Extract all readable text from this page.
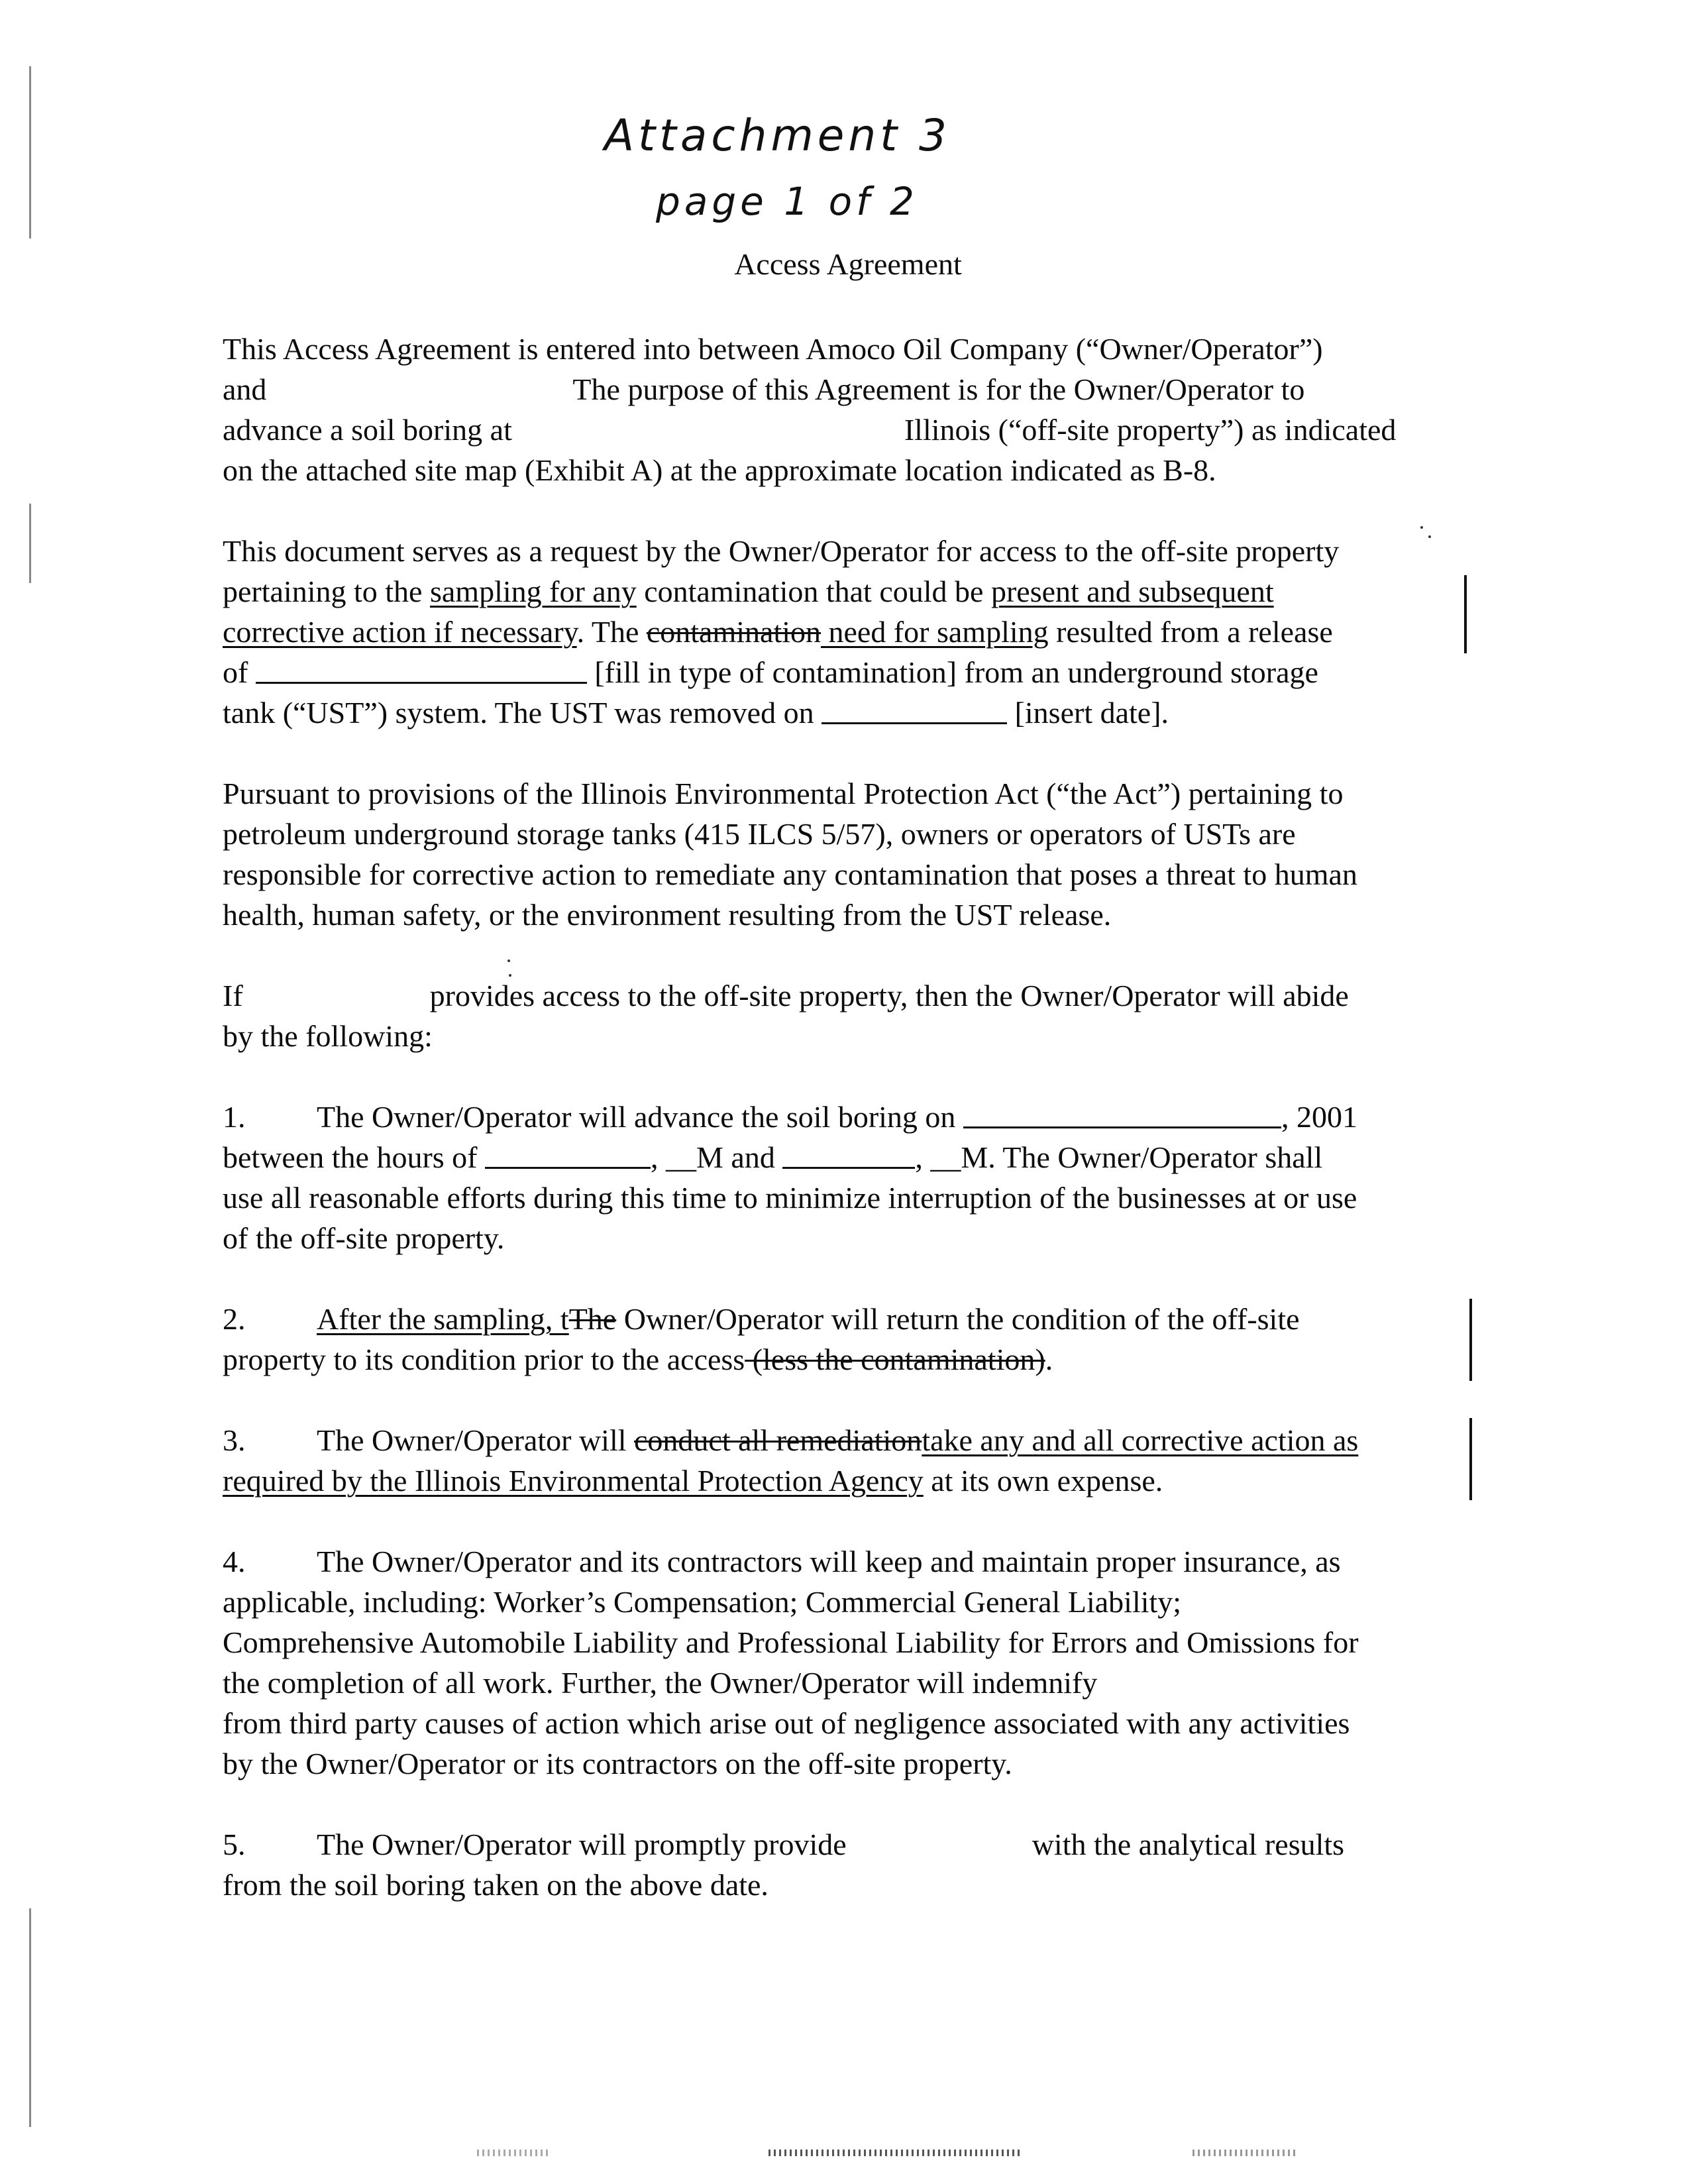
Attachment 3
page 1 of 2
Access Agreement
This Access Agreement is entered into between Amoco Oil Company (“Owner/Operator”)
and	The purpose of this Agreement is for the Owner/Operator to
advance a soil boring at	Illinois (“off-site property”) as indicated
on the attached site map (Exhibit A) at the approximate location indicated as B-8.
This document serves as a request by the Owner/Operator for access to the off-site property
pertaining to the sampling for any contamination that could be present and subsequent
corrective action if necessary. The contamination need for sampling resulted from a release
of	[fill in type of contamination] from an underground storage
tank (“UST”) system. The UST was removed on	[insert date].
Pursuant to provisions of the Illinois Environmental Protection Act (“the Act”) pertaining to
petroleum underground storage tanks (415 ILCS 5/57), owners or operators of USTs are
responsible for corrective action to remediate any contamination that poses a threat to human
health, human safety, or the environment resulting from the UST release.
If	provides access to the off-site property, then the Owner/Operator will abide
by the following:
1. The Owner/Operator will advance the soil boring on	, 2001
between the hours of	, __M and	, __M. The Owner/Operator shall
use all reasonable efforts during this time to minimize interruption of the businesses at or use
of the off-site property.
2. After the sampling, tThe Owner/Operator will return the condition of the off-site
property to its condition prior to the access (less the contamination).
3. The Owner/Operator will conduct all remediationtake any and all corrective action as
required by the Illinois Environmental Protection Agency at its own expense.
4. The Owner/Operator and its contractors will keep and maintain proper insurance, as
applicable, including: Worker’s Compensation; Commercial General Liability;
Comprehensive Automobile Liability and Professional Liability for Errors and Omissions for
the completion of all work. Further, the Owner/Operator will indemnify
from third party causes of action which arise out of negligence associated with any activities
by the Owner/Operator or its contractors on the off-site property.
5. The Owner/Operator will promptly provide	with the analytical results
from the soil boring taken on the above date.
